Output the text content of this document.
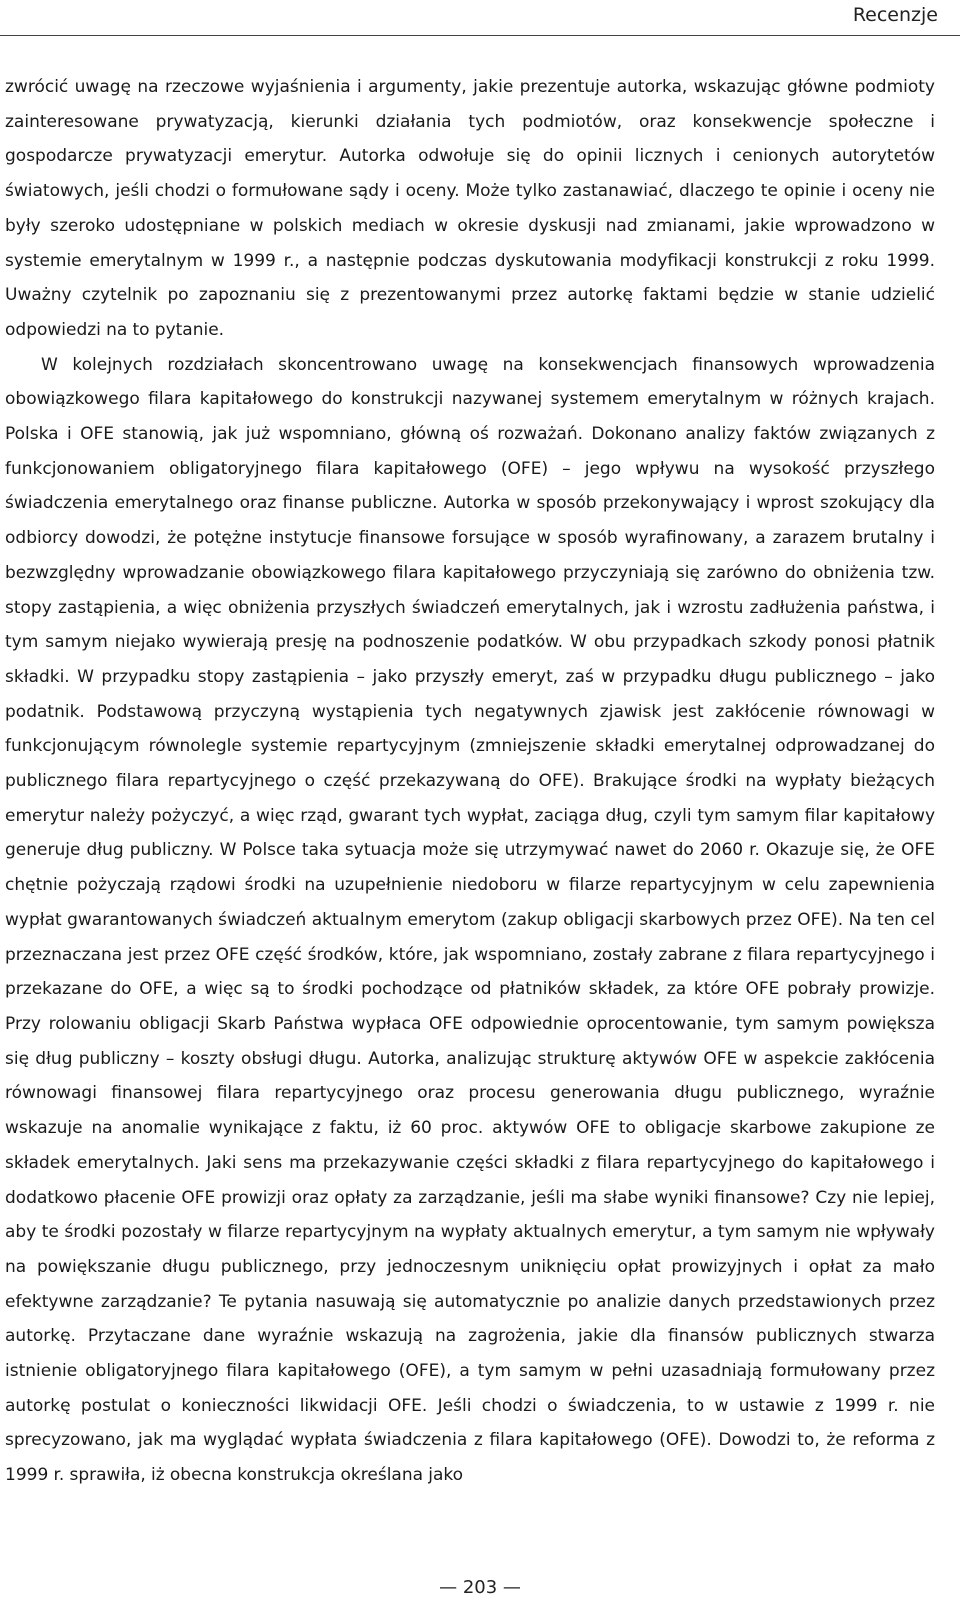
Recenzje

zwrócić uwagę na rzeczowe wyjaśnienia i argumenty, jakie prezentuje autorka, wskazując główne podmioty zainteresowane prywatyzacją, kierunki działania tych podmiotów, oraz konsekwencje społeczne i gospodarcze prywatyzacji emerytur. Autorka odwołuje się do opinii licznych i cenionych autorytetów światowych, jeśli chodzi o formułowane sądy i oceny. Może tylko zastanawiać, dlaczego te opinie i oceny nie były szeroko udostępniane w polskich mediach w okresie dyskusji nad zmianami, jakie wprowadzono w systemie emerytalnym w 1999 r., a następnie podczas dyskutowania modyfikacji konstrukcji z roku 1999. Uważny czytelnik po zapoznaniu się z prezentowanymi przez autorkę faktami będzie w stanie udzielić odpowiedzi na to pytanie.

W kolejnych rozdziałach skoncentrowano uwagę na konsekwencjach finansowych wprowadzenia obowiązkowego filara kapitałowego do konstrukcji nazywanej systemem emerytalnym w różnych krajach. Polska i OFE stanowią, jak już wspomniano, główną oś rozważań. Dokonano analizy faktów związanych z funkcjonowaniem obligatoryjnego filara kapitałowego (OFE) – jego wpływu na wysokość przyszłego świadczenia emerytalnego oraz finanse publiczne. Autorka w sposób przekonywający i wprost szokujący dla odbiorcy dowodzi, że potężne instytucje finansowe forsujące w sposób wyrafinowany, a zarazem brutalny i bezwzględny wprowadzanie obowiązkowego filara kapitałowego przyczyniają się zarówno do obniżenia tzw. stopy zastąpienia, a więc obniżenia przyszłych świadczeń emerytalnych, jak i wzrostu zadłużenia państwa, i tym samym niejako wywierają presję na podnoszenie podatków. W obu przypadkach szkody ponosi płatnik składki. W przypadku stopy zastąpienia – jako przyszły emeryt, zaś w przypadku długu publicznego – jako podatnik. Podstawową przyczyną wystąpienia tych negatywnych zjawisk jest zakłócenie równowagi w funkcjonującym równolegle systemie repartycyjnym (zmniejszenie składki emerytalnej odprowadzanej do publicznego filara repartycyjnego o część przekazywaną do OFE). Brakujące środki na wypłaty bieżących emerytur należy pożyczyć, a więc rząd, gwarant tych wypłat, zaciąga dług, czyli tym samym filar kapitałowy generuje dług publiczny. W Polsce taka sytuacja może się utrzymywać nawet do 2060 r. Okazuje się, że OFE chętnie pożyczają rządowi środki na uzupełnienie niedoboru w filarze repartycyjnym w celu zapewnienia wypłat gwarantowanych świadczeń aktualnym emerytom (zakup obligacji skarbowych przez OFE). Na ten cel przeznaczana jest przez OFE część środków, które, jak wspomniano, zostały zabrane z filara repartycyjnego i przekazane do OFE, a więc są to środki pochodzące od płatników składek, za które OFE pobrały prowizje. Przy rolowaniu obligacji Skarb Państwa wypłaca OFE odpowiednie oprocentowanie, tym samym powiększa się dług publiczny – koszty obsługi długu. Autorka, analizując strukturę aktywów OFE w aspekcie zakłócenia równowagi finansowej filara repartycyjnego oraz procesu generowania długu publicznego, wyraźnie wskazuje na anomalie wynikające z faktu, iż 60 proc. aktywów OFE to obligacje skarbowe zakupione ze składek emerytalnych. Jaki sens ma przekazywanie części składki z filara repartycyjnego do kapitałowego i dodatkowo płacenie OFE prowizji oraz opłaty za zarządzanie, jeśli ma słabe wyniki finansowe? Czy nie lepiej, aby te środki pozostały w filarze repartycyjnym na wypłaty aktualnych emerytur, a tym samym nie wpływały na powiększanie długu publicznego, przy jednoczesnym uniknięciu opłat prowizyjnych i opłat za mało efektywne zarządzanie? Te pytania nasuwają się automatycznie po analizie danych przedstawionych przez autorkę. Przytaczane dane wyraźnie wskazują na zagrożenia, jakie dla finansów publicznych stwarza istnienie obligatoryjnego filara kapitałowego (OFE), a tym samym w pełni uzasadniają formułowany przez autorkę postulat o konieczności likwidacji OFE. Jeśli chodzi o świadczenia, to w ustawie z 1999 r. nie sprecyzowano, jak ma wyglądać wypłata świadczenia z filara kapitałowego (OFE). Dowodzi to, że reforma z 1999 r. sprawiła, iż obecna konstrukcja określana jako

— 203 —
